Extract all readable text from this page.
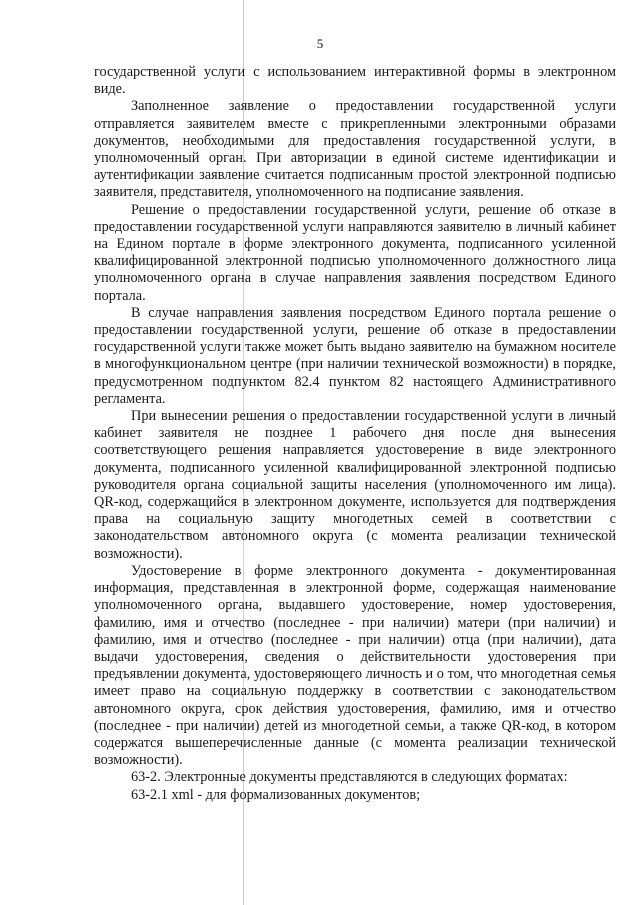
5

государственной услуги с использованием интерактивной формы в электронном виде.

Заполненное заявление о предоставлении государственной услуги отправляется заявителем вместе с прикрепленными электронными образами документов, необходимыми для предоставления государственной услуги, в уполномоченный орган. При авторизации в единой системе идентификации и аутентификации заявление считается подписанным простой электронной подписью заявителя, представителя, уполномоченного на подписание заявления.

Решение о предоставлении государственной услуги, решение об отказе в предоставлении государственной услуги направляются заявителю в личный кабинет на Едином портале в форме электронного документа, подписанного усиленной квалифицированной электронной подписью уполномоченного должностного лица уполномоченного органа в случае направления заявления посредством Единого портала.

В случае направления заявления посредством Единого портала решение о предоставлении государственной услуги, решение об отказе в предоставлении государственной услуги также может быть выдано заявителю на бумажном носителе в многофункциональном центре (при наличии технической возможности) в порядке, предусмотренном подпунктом 82.4 пунктом 82 настоящего Административного регламента.

При вынесении решения о предоставлении государственной услуги в личный кабинет заявителя не позднее 1 рабочего дня после дня вынесения соответствующего решения направляется удостоверение в виде электронного документа, подписанного усиленной квалифицированной электронной подписью руководителя органа социальной защиты населения (уполномоченного им лица). QR-код, содержащийся в электронном документе, используется для подтверждения права на социальную защиту многодетных семей в соответствии с законодательством автономного округа (с момента реализации технической возможности).

Удостоверение в форме электронного документа - документированная информация, представленная в электронной форме, содержащая наименование уполномоченного органа, выдавшего удостоверение, номер удостоверения, фамилию, имя и отчество (последнее - при наличии) матери (при наличии) и фамилию, имя и отчество (последнее - при наличии) отца (при наличии), дата выдачи удостоверения, сведения о действительности удостоверения при предъявлении документа, удостоверяющего личность и о том, что многодетная семья имеет право на социальную поддержку в соответствии с законодательством автономного округа, срок действия удостоверения, фамилию, имя и отчество (последнее - при наличии) детей из многодетной семьи, а также QR-код, в котором содержатся вышеперечисленные данные (с момента реализации технической возможности).

63-2. Электронные документы представляются в следующих форматах:

63-2.1 xml - для формализованных документов;
